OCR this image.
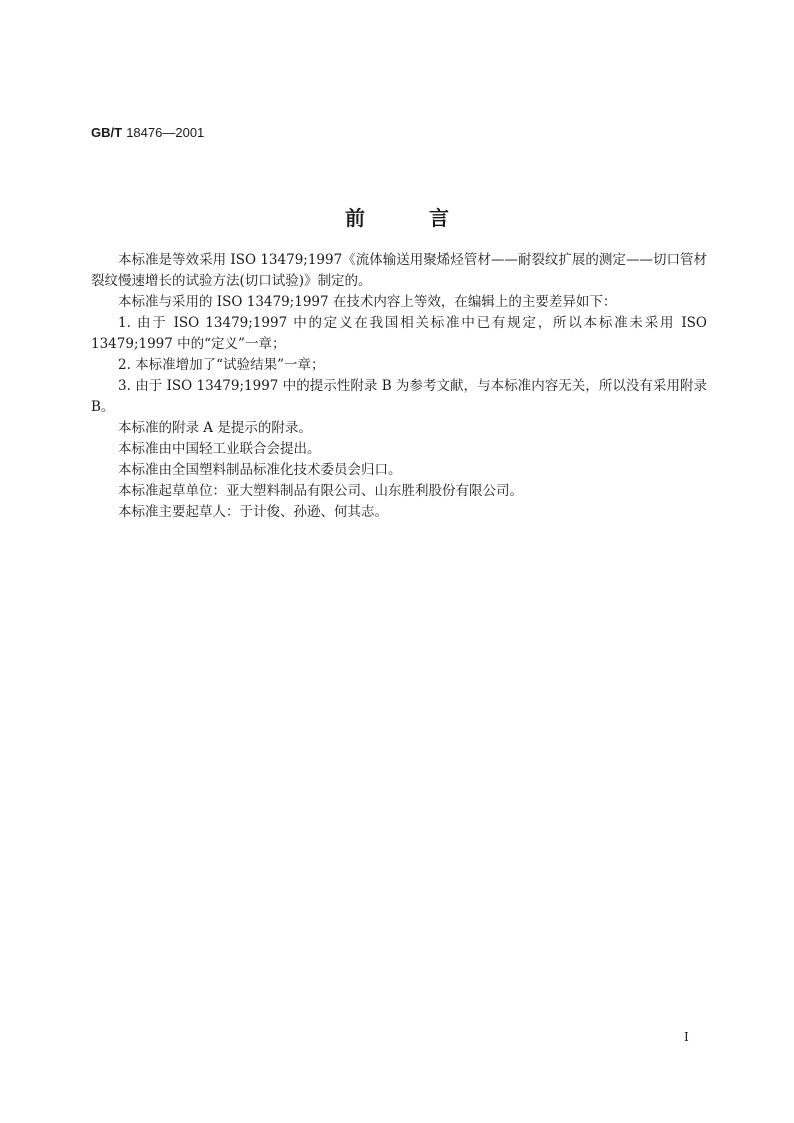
GB/T 18476—2001
前言

本标准是等效采用 ISO 13479;1997《流体输送用聚烯烃管材——耐裂纹扩展的测定——切口管材裂纹慢速增长的试验方法(切口试验)》制定的。

本标准与采用的 ISO 13479;1997 在技术内容上等效，在编辑上的主要差异如下：

1. 由于 ISO 13479;1997 中的定义在我国相关标准中已有规定，所以本标准未采用 ISO 13479;1997 中的“定义”一章；

2. 本标准增加了“试验结果”一章；

3. 由于 ISO 13479;1997 中的提示性附录 B 为参考文献，与本标准内容无关，所以没有采用附录B。

本标准的附录 A 是提示的附录。

本标准由中国轻工业联合会提出。

本标准由全国塑料制品标准化技术委员会归口。

本标准起草单位：亚大塑料制品有限公司、山东胜利股份有限公司。

本标准主要起草人：于计俊、孙逊、何其志。

I
